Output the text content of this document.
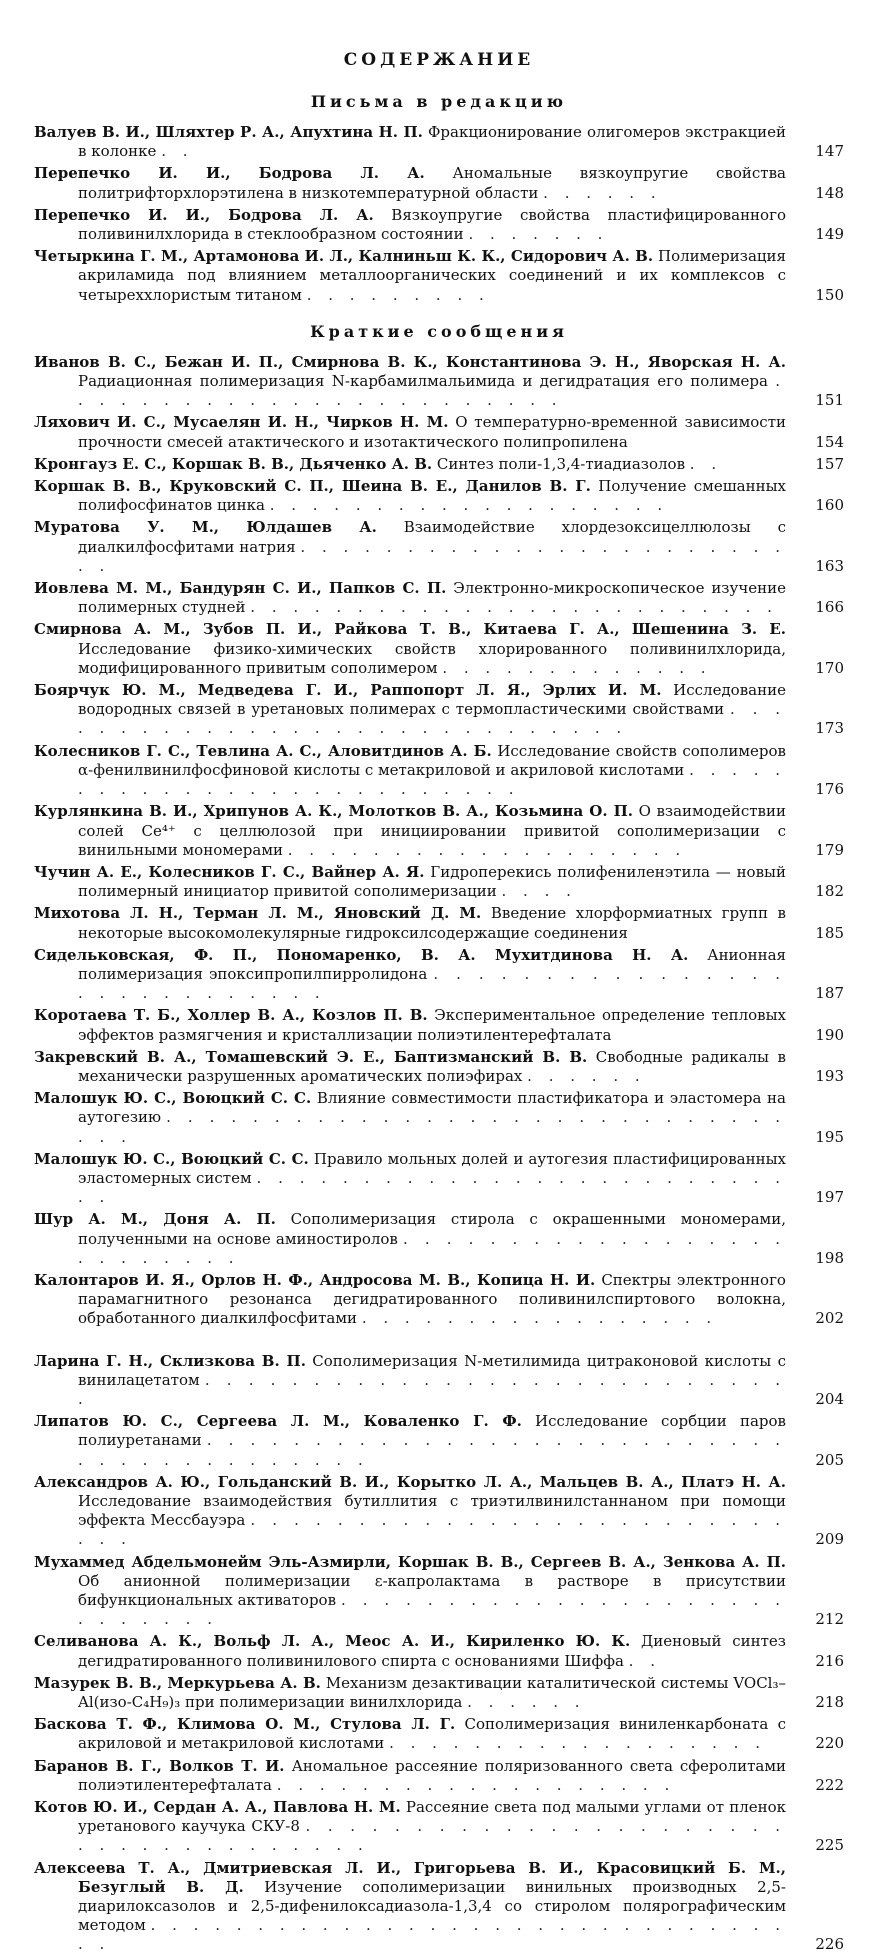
СОДЕРЖАНИЕ
Письма в редакцию
Валуев В. И., Шляхтер Р. А., Апухтина Н. П. Фракционирование олигомеров экстракцией в колонке . .	147
Перепечко И. И., Бодрова Л. А. Аномальные вязкоупругие свойства политрифторхлорэтилена в низкотемпературной области . . . . . .	148
Перепечко И. И., Бодрова Л. А. Вязкоупругие свойства пластифицированного поливинилхлорида в стеклообразном состоянии . . . . . . .	149
Четыркина Г. М., Артамонова И. Л., Калниньш К. К., Сидорович А. В. Полимеризация акриламида под влиянием металлоорганических соединений и их комплексов с четыреххлористым титаном . . . . . . . . .	150
Краткие сообщения
Иванов В. С., Бежан И. П., Смирнова В. К., Константинова Э. Н., Яворская Н. А. Радиационная полимеризация N-карбамилмальимида и дегидратация его полимера . . . . . . . . . . . . . . . . . . . . . . . .	151
Ляхович И. С., Мусаелян И. Н., Чирков Н. М. О температурно-временной зависимости прочности смесей атактического и изотактического полипропилена	154
Кронгауз Е. С., Коршак В. В., Дьяченко А. В. Синтез поли-1,3,4-тиадиазолов . .	157
Коршак В. В., Круковский С. П., Шеина В. Е., Данилов В. Г. Получение смешанных полифосфинатов цинка . . . . . . . . . . . . . . . . . . .	160
Муратова У. М., Юлдашев А. Взаимодействие хлордезоксицеллюлозы с диалкилфосфитами натрия . . . . . . . . . . . . . . . . . . . . . . . . .	163
Иовлева М. М., Бандурян С. И., Папков С. П. Электронно-микроскопическое изучение полимерных студней . . . . . . . . . . . . . . . . . . . . . . . . .	166
Смирнова А. М., Зубов П. И., Райкова Т. В., Китаева Г. А., Шешенина З. Е. Исследование физико-химических свойств хлорированного поливинилхлорида, модифицированного привитым сополимером . . . . . . . . . . . . .	170
Боярчук Ю. М., Медведева Г. И., Раппопорт Л. Я., Эрлих И. М. Исследование водородных связей в уретановых полимерах с термопластическими свойствами . . . . . . . . . . . . . . . . . . . . . . . . . . . . .	173
Колесников Г. С., Тевлина А. С., Аловитдинов А. Б. Исследование свойств сополимеров α-фенилвинилфосфиновой кислоты с метакриловой и акриловой кислотами . . . . . . . . . . . . . . . . . . . . . . . . . .	176
Курлянкина В. И., Хрипунов А. К., Молотков В. А., Козьмина О. П. О взаимодействии солей Ce⁴⁺ с целлюлозой при инициировании привитой сополимеризации с винильными мономерами . . . . . . . . . . . . . . . . . . .	179
Чучин А. Е., Колесников Г. С., Вайнер А. Я. Гидроперекись полифениленэтила — новый полимерный инициатор привитой сополимеризации . . . .	182
Михотова Л. Н., Терман Л. М., Яновский Д. М. Введение хлорформиатных групп в некоторые высокомолекулярные гидроксилсодержащие соединения	185
Сидельковская, Ф. П., Пономаренко, В. А. Мухитдинова Н. А. Анионная полимеризация эпоксипропилпирролидона . . . . . . . . . . . . . . . . . . . . . . . . . . . .	187
Коротаева Т. Б., Холлер В. А., Козлов П. В. Экспериментальное определение тепловых эффектов размягчения и кристаллизации полиэтилентерефталата	190
Закревский В. А., Томашевский Э. Е., Баптизманский В. В. Свободные радикалы в механически разрушенных ароматических полиэфирах . . . . . .	193
Малошук Ю. С., Воюцкий С. С. Влияние совместимости пластификатора и эластомера на аутогезию . . . . . . . . . . . . . . . . . . . . . . . . . . . . . . . .	195
Малошук Ю. С., Воюцкий С. С. Правило мольных долей и аутогезия пластифицированных эластомерных систем . . . . . . . . . . . . . . . . . . . . . . . . . . .	197
Шур А. М., Доня А. П. Сополимеризация стирола с окрашенными мономерами, полученными на основе аминостиролов . . . . . . . . . . . . . . . . . . . . . . . . . .	198
Калонтаров И. Я., Орлов Н. Ф., Андросова М. В., Копица Н. И. Спектры электронного парамагнитного резонанса дегидратированного поливинилспиртового волокна, обработанного диалкилфосфитами . . . . . . . . . . . . . . . . .	202
Ларина Г. Н., Склизкова В. П. Сополимеризация N-метилимида цитраконовой кислоты с винилацетатом . . . . . . . . . . . . . . . . . . . . . . . . . . . .	204
Липатов Ю. С., Сергеева Л. М., Коваленко Г. Ф. Исследование сорбции паров полиуретанами . . . . . . . . . . . . . . . . . . . . . . . . . . . . . . . . . . . . . . . . .	205
Александров А. Ю., Гольданский В. И., Корытко Л. А., Мальцев В. А., Платэ Н. А. Исследование взаимодействия бутиллития с триэтилвинилстаннаном при помощи эффекта Мессбауэра . . . . . . . . . . . . . . . . . . . . . . . . . . . .	209
Мухаммед Абдельмонейм Эль-Азмирли, Коршак В. В., Сергеев В. А., Зенкова А. П. Об анионной полимеризации ε-капролактама в растворе в присутствии бифункциональных активаторов . . . . . . . . . . . . . . . . . . . . . . . . . . . .	212
Селиванова А. К., Вольф Л. А., Меос А. И., Кириленко Ю. К. Диеновый синтез дегидратированного поливинилового спирта с основаниями Шиффа . .	216
Мазурек В. В., Меркурьева А. В. Механизм дезактивации каталитической системы VOCl₃–Al(изо-C₄H₉)₃ при полимеризации винилхлорида . . . . . .	218
Баскова Т. Ф., Климова О. М., Стулова Л. Г. Сополимеризация виниленкарбоната с акриловой и метакриловой кислотами . . . . . . . . . . . . . . . . . .	220
Баранов В. Г., Волков Т. И. Аномальное рассеяние поляризованного света сферолитами полиэтилентерефталата . . . . . . . . . . . . . . . . . . .	222
Котов Ю. И., Сердан А. А., Павлова Н. М. Рассеяние света под малыми углами от пленок уретанового каучука СКУ-8 . . . . . . . . . . . . . . . . . . . . . . . . . . . . . . . . . . . .	225
Алексеева Т. А., Дмитриевская Л. И., Григорьева В. И., Красовицкий Б. М., Безуглый В. Д. Изучение сополимеризации винильных производных 2,5-диарилоксазолов и 2,5-дифенилоксадиазола-1,3,4 со стиролом полярографическим методом . . . . . . . . . . . . . . . . . . . . . . . . . . . . . . . .	226
